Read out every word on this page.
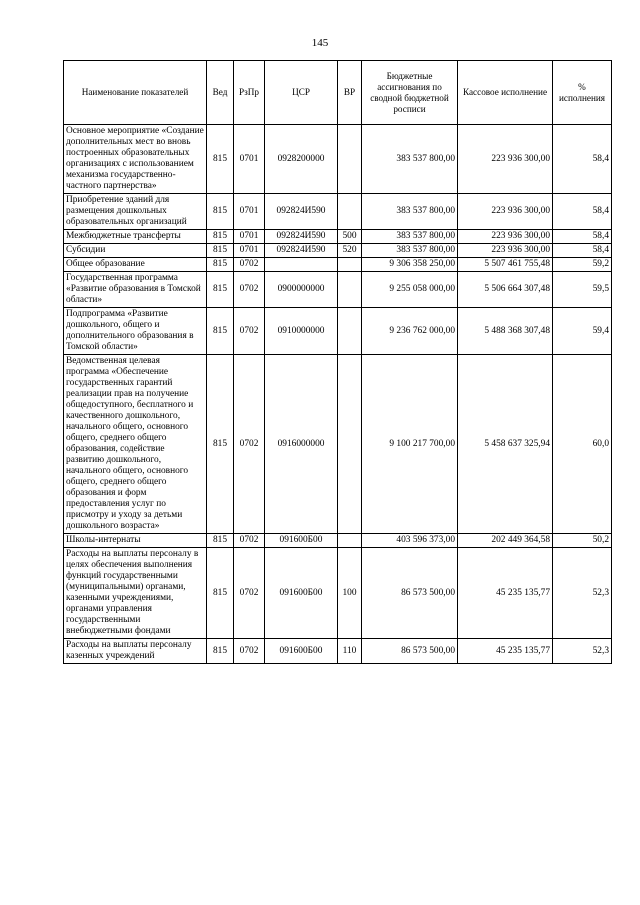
145
Наименование показателей	Вед	РзПр	ЦСР	ВР	Бюджетные ассигнования по сводной бюджетной росписи	Кассовое исполнение	% исполнения
Основное мероприятие «Создание дополнительных мест во вновь построенных образовательных организациях с использованием механизма государственно-частного партнерства»	815	0701	0928200000		383 537 800,00	223 936 300,00	58,4
Приобретение зданий для размещения дошкольных образовательных организаций	815	0701	092824И590		383 537 800,00	223 936 300,00	58,4
Межбюджетные трансферты	815	0701	092824И590	500	383 537 800,00	223 936 300,00	58,4
Субсидии	815	0701	092824И590	520	383 537 800,00	223 936 300,00	58,4
Общее образование	815	0702			9 306 358 250,00	5 507 461 755,48	59,2
Государственная программа «Развитие образования в Томской области»	815	0702	0900000000		9 255 058 000,00	5 506 664 307,48	59,5
Подпрограмма «Развитие дошкольного, общего и дополнительного образования в Томской области»	815	0702	0910000000		9 236 762 000,00	5 488 368 307,48	59,4
Ведомственная целевая программа «Обеспечение государственных гарантий реализации прав на получение общедоступного, бесплатного и качественного дошкольного, начального общего, основного общего, среднего общего образования, содействие развитию дошкольного, начального общего, основного общего, среднего общего образования и форм предоставления услуг по присмотру и уходу за детьми дошкольного возраста»	815	0702	0916000000		9 100 217 700,00	5 458 637 325,94	60,0
Школы-интернаты	815	0702	091600Б00		403 596 373,00	202 449 364,58	50,2
Расходы на выплаты персоналу в целях обеспечения выполнения функций государственными (муниципальными) органами, казенными учреждениями, органами управления государственными внебюджетными фондами	815	0702	091600Б00	100	86 573 500,00	45 235 135,77	52,3
Расходы на выплаты персоналу казенных учреждений	815	0702	091600Б00	110	86 573 500,00	45 235 135,77	52,3
